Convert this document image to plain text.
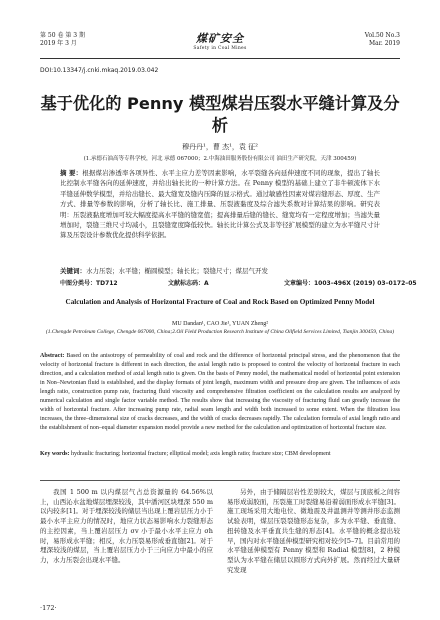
第 50 卷 第 3 期
2019 年 3 月	煤矿安全
Safety in Coal Mines
Vol.50 No.3
Mar. 2019
DOI:10.13347/j.cnki.mkaq.2019.03.042
基于优化的 Penny 模型煤岩压裂水平缝计算及分析
穆丹丹¹，曹 杰¹，袁 征²
(1.承德石油高等专科学校，河北 承德 067000；2.中海油田服务股份有限公司 油田生产研究院，天津 300459)
摘 要：根据煤岩渗透率各项异性、水平主应力差等因素影响，水平裂缝各向延伸速度不同的现象，提出了轴长比控制水平缝各向的延伸速度，并给出轴长比的一种计算方法。在 Penny 模型的基础上建立了非牛顿流体下水平缝延伸数学模型，并给出缝长、最大缝宽及缝内压降的显示格式。通过敏感性因素对煤岩缝形态、厚度、生产方式、排量等参数的影响，分析了轴长比、施工排量、压裂液黏度及综合滤失系数对计算结果的影响。研究表明：压裂液黏度增加可较大幅度提高水平缝的缝宽值；提高排量后缝的缝长、缝宽均有一定程度增加；当滤失量增加时，裂缝三维尺寸均减小，且裂缝宽度降低较快。轴长比计算公式及非等径扩展模型的建立为水平缝尺寸计算及压裂设计参数优化提供科学依据。
关键词：水力压裂；水平缝；椭圆模型；轴长比；裂缝尺寸；煤层气开发
中图分类号：TD712	文献标志码：A	文章编号：1003–496X (2019) 03–0172–05
Calculation and Analysis of Horizontal Fracture of Coal and Rock Based on Optimized Penny Model
MU Dandan¹, CAO Jie¹, YUAN Zheng²
(1.Chengde Petroleum College, Chengde 067000, China;2.Oil Field Production Research Institute of China Oilfield Services Limited, Tianjin 300459, China)
Abstract: Based on the anisotropy of permeability of coal and rock and the difference of horizontal principal stress, and the phenomenon that the velocity of horizontal fracture is different in each direction, the axial length ratio is proposed to control the velocity of horizontal fracture in each direction, and a calculation method of axial length ratio is given. On the basis of Penny model, the mathematical model of horizontal point extension in Non–Newtonian fluid is established, and the display formats of joint length, maximum width and pressure drop are given. The influences of axis length ratio, construction pump rate, fracturing fluid viscosity and comprehensive filtration coefficient on the calculation results are analyzed by numerical calculation and single factor variable method. The results show that increasing the viscosity of fracturing fluid can greatly increase the width of horizontal fracture. After increasing pump rate, radial seam length and width both increased to some extent. When the filtration loss increases, the three–dimensional size of cracks decreases, and the width of cracks decreases rapidly. The calculation formula of axial length ratio and the establishment of non–equal diameter expansion model provide a new method for the calculation and optimization of horizontal fracture size.
Key words: hydraulic fracturing; horizontal fracture; elliptical model; axis length ratio; fracture size; CBM development

我国 1 500 m 以内煤层气占总资源量的 64.56%以上，山西沁水盆地煤层埋深较浅，其中潘河区块埋深 550 m 以内较多[1]。对于埋深较浅的储层当出现上覆岩层压力小于最小水平主应力的情况时，地应力状态易影响水力裂缝形态的主控因素，当上覆岩层压力 σv 小于最小水平主应力 σh 时，易形成水平缝；相反，水力压裂易形成垂直缝[2]。对于埋深较浅的煤层，当上覆岩层压力小于三向应力中最小的应力，水力压裂会出现水平缝。

另外，由于储隔层岩性差别较大，煤层与顶底板之间容易形成弱胶面，压裂施工时裂缝易沿着弱面形成水平缝[3]。施工现场采用大地电位、微地震及井温测井等测井形态监测试验表明，煤层压裂裂缝形态复杂，多为水平缝、垂直缝、扭转缝及水平垂直共生缝的形态[4]。水平缝的概念提出较早，国内对水平缝延伸模型研究相对较少[5–7]。目前常用的水平缝延伸模型有 Penny 模型和 Radial 模型[8]，2 种模型认为水平缝在储层以圆形方式向外扩展。然而经过大量研究发现

·172·
